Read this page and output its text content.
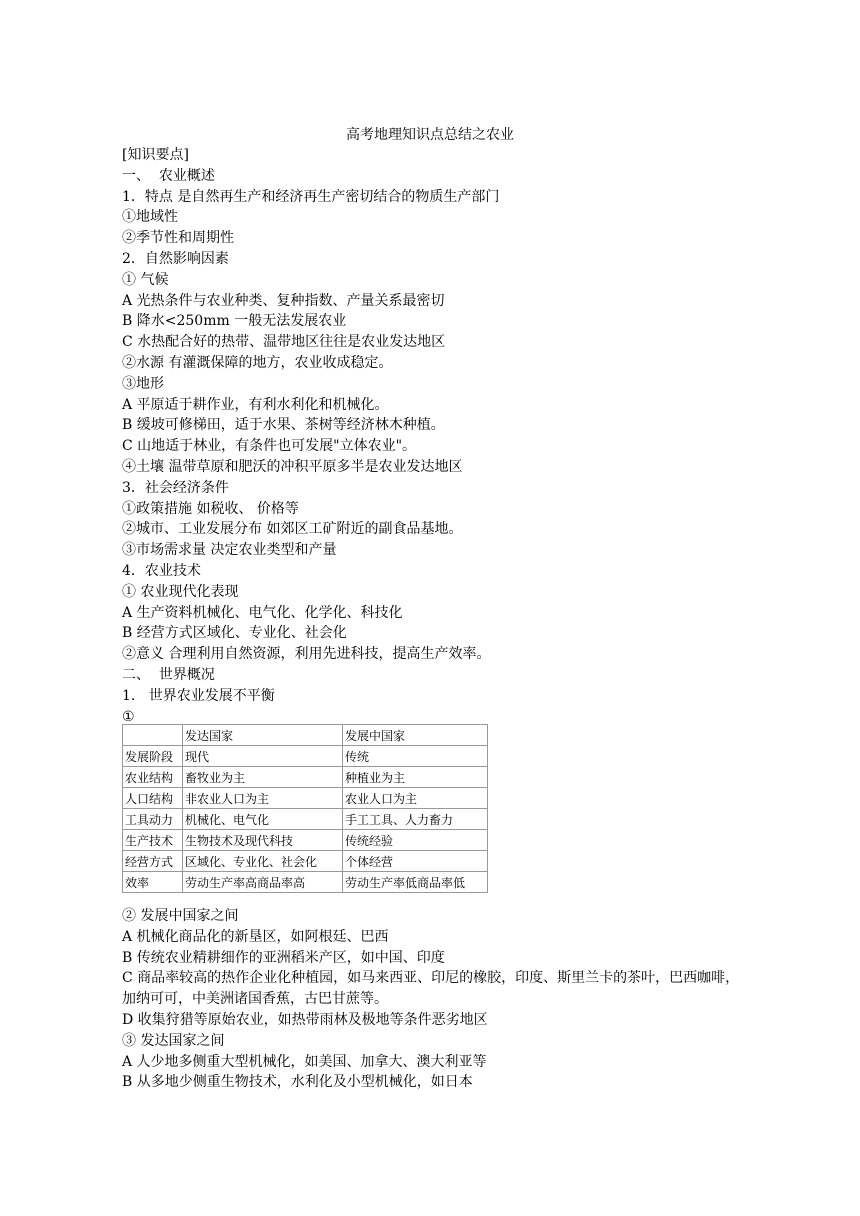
高考地理知识点总结之农业
[知识要点]
一、  农业概述
1．特点 是自然再生产和经济再生产密切结合的物质生产部门
①地域性
②季节性和周期性
2．自然影响因素
① 气候
A 光热条件与农业种类、复种指数、产量关系最密切
B 降水<250mm 一般无法发展农业
C 水热配合好的热带、温带地区往往是农业发达地区
②水源 有灌溉保障的地方，农业收成稳定。
③地形
A 平原适于耕作业，有利水利化和机械化。
B 缓坡可修梯田，适于水果、茶树等经济林木种植。
C 山地适于林业，有条件也可发展"立体农业"。
④土壤 温带草原和肥沃的冲积平原多半是农业发达地区
3．社会经济条件
①政策措施 如税收、 价格等
②城市、工业发展分布 如郊区工矿附近的副食品基地。
③市场需求量 决定农业类型和产量
4．农业技术
① 农业现代化表现
A 生产资料机械化、电气化、化学化、科技化
B 经营方式区域化、专业化、社会化
②意义 合理利用自然资源，利用先进科技，提高生产效率。
二、  世界概况
1.   世界农业发展不平衡
①
	发达国家	发展中国家
发展阶段	现代	传统
农业结构	畜牧业为主	种植业为主
人口结构	非农业人口为主	农业人口为主
工具动力	机械化、电气化	手工工具、人力畜力
生产技术	生物技术及现代科技	传统经验
经营方式	区域化、专业化、社会化	个体经营
效率	劳动生产率高商品率高	劳动生产率低商品率低
② 发展中国家之间
A 机械化商品化的新垦区，如阿根廷、巴西
B 传统农业精耕细作的亚洲稻米产区，如中国、印度
C 商品率较高的热作企业化种植园，如马来西亚、印尼的橡胶，印度、斯里兰卡的茶叶，巴西咖啡，加纳可可，中美洲诸国香蕉，古巴甘蔗等。
D 收集狩猎等原始农业，如热带雨林及极地等条件恶劣地区
③ 发达国家之间
A 人少地多侧重大型机械化，如美国、加拿大、澳大利亚等
B 从多地少侧重生物技术，水利化及小型机械化，如日本
